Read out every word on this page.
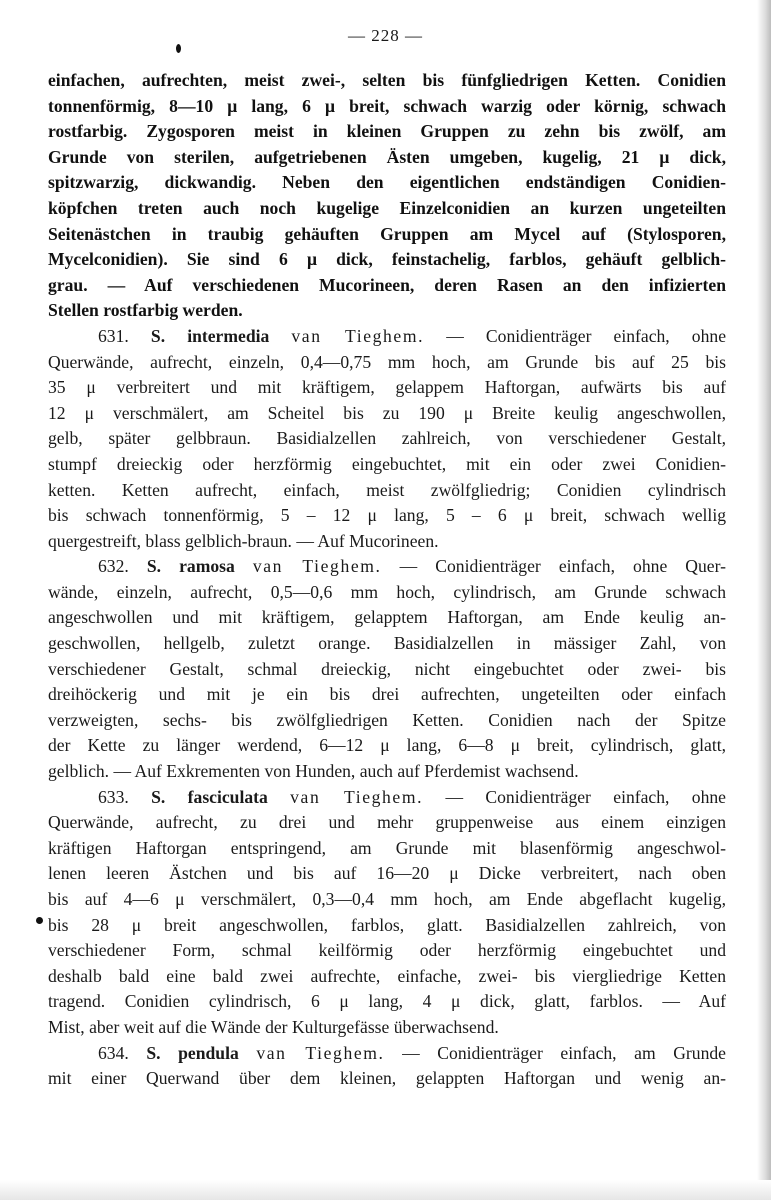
— 228 —
einfachen, aufrechten, meist zwei-, selten bis fünfgliedrigen Ketten. Conidien
tonnenförmig, 8—10 μ lang, 6 μ breit, schwach warzig oder körnig, schwach
rostfarbig. Zygosporen meist in kleinen Gruppen zu zehn bis zwölf, am
Grunde von sterilen, aufgetriebenen Ästen umgeben, kugelig, 21 μ dick,
spitzwarzig, dickwandig. Neben den eigentlichen endständigen Conidien-
köpfchen treten auch noch kugelige Einzelconidien an kurzen ungeteilten
Seitenästchen in traubig gehäuften Gruppen am Mycel auf (Stylosporen,
Mycelconidien). Sie sind 6 μ dick, feinstachelig, farblos, gehäuft gelblich-
grau. — Auf verschiedenen Mucorineen, deren Rasen an den infizierten
Stellen rostfarbig werden.
631. S. intermedia van Tieghem. — Conidienträger einfach, ohne
Querwände, aufrecht, einzeln, 0,4—0,75 mm hoch, am Grunde bis auf 25 bis
35 μ verbreitert und mit kräftigem, gelappem Haftorgan, aufwärts bis auf
12 μ verschmälert, am Scheitel bis zu 190 μ Breite keulig angeschwollen,
gelb, später gelbbraun. Basidialzellen zahlreich, von verschiedener Gestalt,
stumpf dreieckig oder herzförmig eingebuchtet, mit ein oder zwei Conidien-
ketten. Ketten aufrecht, einfach, meist zwölfgliedrig; Conidien cylindrisch
bis schwach tonnenförmig, 5 – 12 μ lang, 5 – 6 μ breit, schwach wellig
quergestreift, blass gelblich-braun. — Auf Mucorineen.
632. S. ramosa van Tieghem. — Conidienträger einfach, ohne Quer-
wände, einzeln, aufrecht, 0,5—0,6 mm hoch, cylindrisch, am Grunde schwach
angeschwollen und mit kräftigem, gelapptem Haftorgan, am Ende keulig an-
geschwollen, hellgelb, zuletzt orange. Basidialzellen in mässiger Zahl, von
verschiedener Gestalt, schmal dreieckig, nicht eingebuchtet oder zwei- bis
dreihöckerig und mit je ein bis drei aufrechten, ungeteilten oder einfach
verzweigten, sechs- bis zwölfgliedrigen Ketten. Conidien nach der Spitze
der Kette zu länger werdend, 6—12 μ lang, 6—8 μ breit, cylindrisch, glatt,
gelblich. — Auf Exkrementen von Hunden, auch auf Pferdemist wachsend.
633. S. fasciculata van Tieghem. — Conidienträger einfach, ohne
Querwände, aufrecht, zu drei und mehr gruppenweise aus einem einzigen
kräftigen Haftorgan entspringend, am Grunde mit blasenförmig angeschwol-
lenen leeren Ästchen und bis auf 16—20 μ Dicke verbreitert, nach oben
bis auf 4—6 μ verschmälert, 0,3—0,4 mm hoch, am Ende abgeflacht kugelig,
bis 28 μ breit angeschwollen, farblos, glatt. Basidialzellen zahlreich, von
verschiedener Form, schmal keilförmig oder herzförmig eingebuchtet und
deshalb bald eine bald zwei aufrechte, einfache, zwei- bis viergliedrige Ketten
tragend. Conidien cylindrisch, 6 μ lang, 4 μ dick, glatt, farblos. — Auf
Mist, aber weit auf die Wände der Kulturgefässe überwachsend.
634. S. pendula van Tieghem. — Conidienträger einfach, am Grunde
mit einer Querwand über dem kleinen, gelappten Haftorgan und wenig an-
